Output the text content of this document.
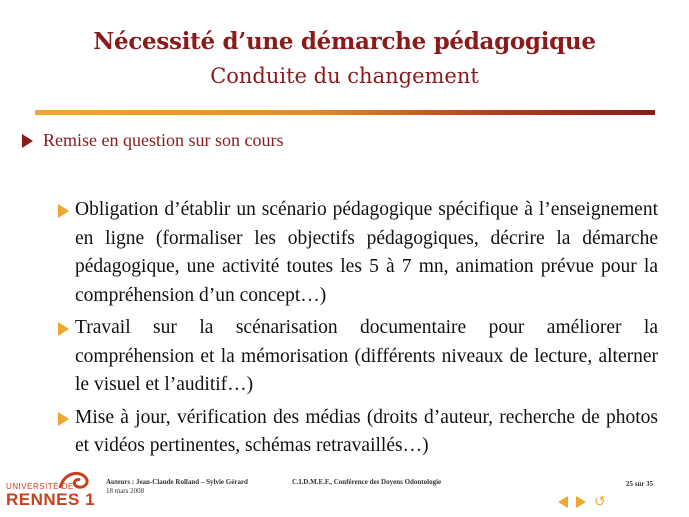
Nécessité d’une démarche pédagogique
Conduite du changement
Remise en question sur son cours
Obligation d’établir un scénario pédagogique spécifique à l’enseignement en ligne (formaliser les objectifs pédagogiques, décrire la démarche pédagogique, une activité toutes les 5 à 7 mn, animation prévue pour la compréhension d’un concept…)
Travail sur la scénarisation documentaire pour améliorer la compréhension et la mémorisation (différents niveaux de lecture, alterner le visuel et l’auditif…)
Mise à jour, vérification des médias (droits d’auteur, recherche de photos et vidéos pertinentes, schémas retravaillés…)
UNIVERSITÉ DE
RENNES 1
Auteurs : Jean-Claude Rolland – Sylvie Gérard
18 mars 2008
C.I.D.M.E.F., Conférence des Doyens Odontologie	25 sur 35
↺
